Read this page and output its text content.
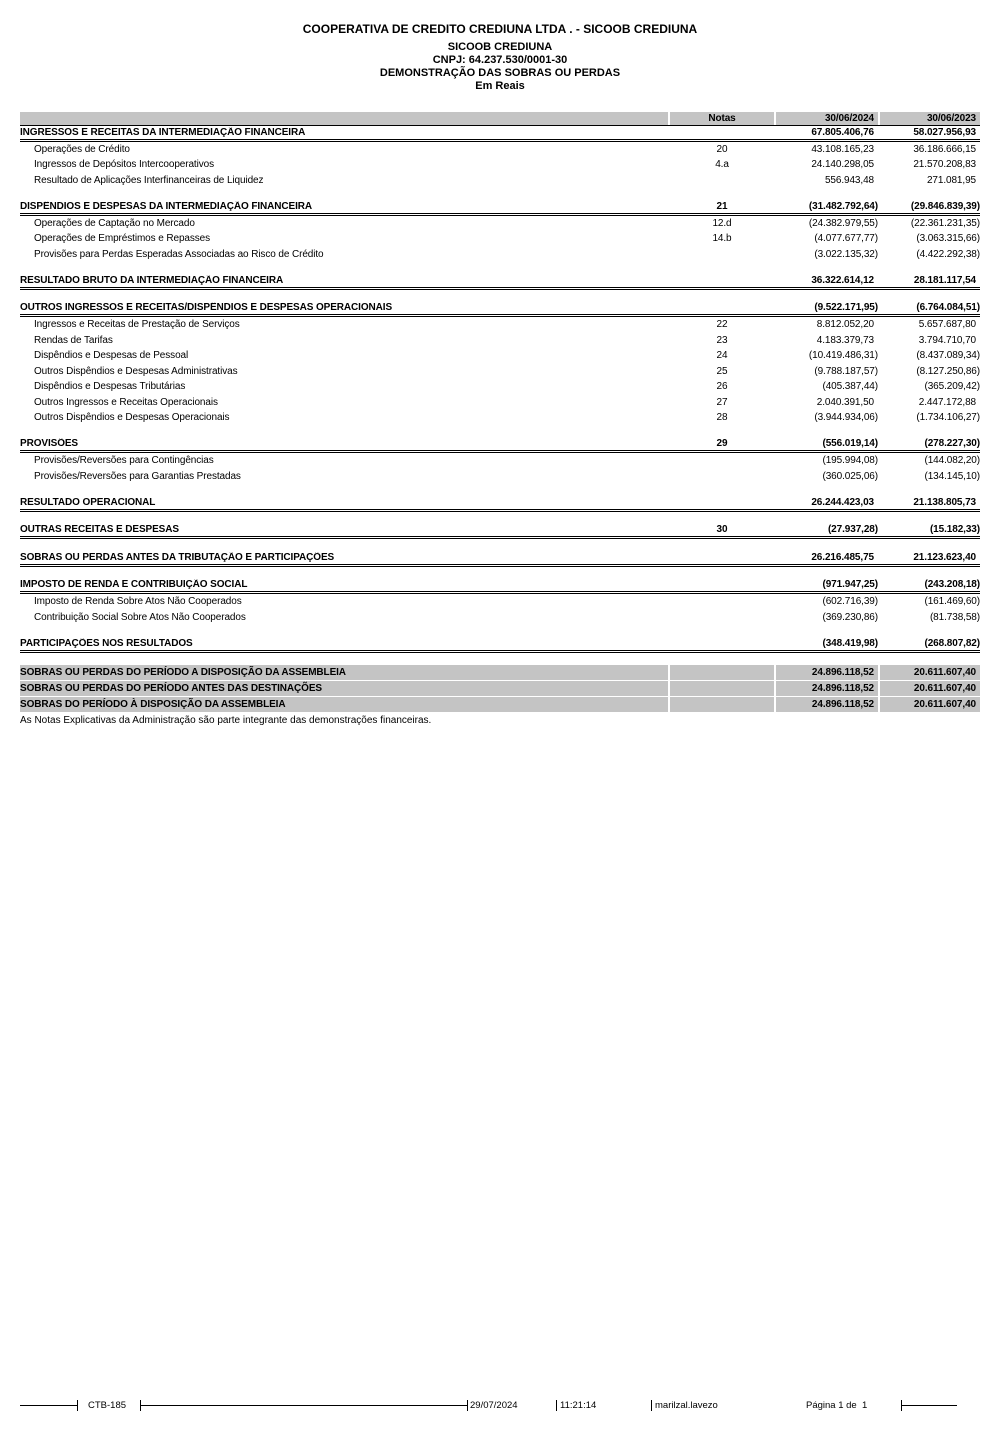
COOPERATIVA DE CREDITO CREDIUNA LTDA . - SICOOB CREDIUNA
SICOOB CREDIUNA
CNPJ: 64.237.530/0001-30
DEMONSTRAÇÃO DAS SOBRAS OU PERDAS
Em Reais
Notas	30/06/2024	30/06/2023
INGRESSOS E RECEITAS DA INTERMEDIAÇÃO FINANCEIRA	67.805.406,76	58.027.956,93
Operações de Crédito	20	43.108.165,23	36.186.666,15
Ingressos de Depósitos Intercooperativos	4.a	24.140.298,05	21.570.208,83
Resultado de Aplicações Interfinanceiras de Liquidez	556.943,48	271.081,95
DISPÊNDIOS E DESPESAS DA INTERMEDIAÇÃO FINANCEIRA	21	(31.482.792,64)	(29.846.839,39)
Operações de Captação no Mercado	12.d	(24.382.979,55)	(22.361.231,35)
Operações de Empréstimos e Repasses	14.b	(4.077.677,77)	(3.063.315,66)
Provisões para Perdas Esperadas Associadas ao Risco de Crédito	(3.022.135,32)	(4.422.292,38)
RESULTADO BRUTO DA INTERMEDIAÇÃO FINANCEIRA	36.322.614,12	28.181.117,54
OUTROS INGRESSOS E RECEITAS/DISPÊNDIOS E DESPESAS OPERACIONAIS	(9.522.171,95)	(6.764.084,51)
Ingressos e Receitas de Prestação de Serviços	22	8.812.052,20	5.657.687,80
Rendas de Tarifas	23	4.183.379,73	3.794.710,70
Dispêndios e Despesas de Pessoal	24	(10.419.486,31)	(8.437.089,34)
Outros Dispêndios e Despesas Administrativas	25	(9.788.187,57)	(8.127.250,86)
Dispêndios e Despesas Tributárias	26	(405.387,44)	(365.209,42)
Outros Ingressos e Receitas Operacionais	27	2.040.391,50	2.447.172,88
Outros Dispêndios e Despesas Operacionais	28	(3.944.934,06)	(1.734.106,27)
PROVISÕES	29	(556.019,14)	(278.227,30)
Provisões/Reversões para Contingências	(195.994,08)	(144.082,20)
Provisões/Reversões para Garantias Prestadas	(360.025,06)	(134.145,10)
RESULTADO OPERACIONAL	26.244.423,03	21.138.805,73
OUTRAS RECEITAS E DESPESAS	30	(27.937,28)	(15.182,33)
SOBRAS OU PERDAS ANTES DA TRIBUTAÇÃO E PARTICIPAÇÕES	26.216.485,75	21.123.623,40
IMPOSTO DE RENDA E CONTRIBUIÇÃO SOCIAL	(971.947,25)	(243.208,18)
Imposto de Renda Sobre Atos Não Cooperados	(602.716,39)	(161.469,60)
Contribuição Social Sobre Atos Não Cooperados	(369.230,86)	(81.738,58)
PARTICIPAÇÕES NOS RESULTADOS	(348.419,98)	(268.807,82)
SOBRAS OU PERDAS DO PERÍODO A DISPOSIÇÃO DA ASSEMBLEIA	24.896.118,52	20.611.607,40
SOBRAS OU PERDAS DO PERÍODO ANTES DAS DESTINAÇÕES	24.896.118,52	20.611.607,40
SOBRAS DO PERÍODO À DISPOSIÇÃO DA ASSEMBLEIA	24.896.118,52	20.611.607,40
As Notas Explicativas da Administração são parte integrante das demonstrações financeiras.
CTB-185	29/07/2024	11:21:14	marilzal.lavezo	Página 1 de  1
